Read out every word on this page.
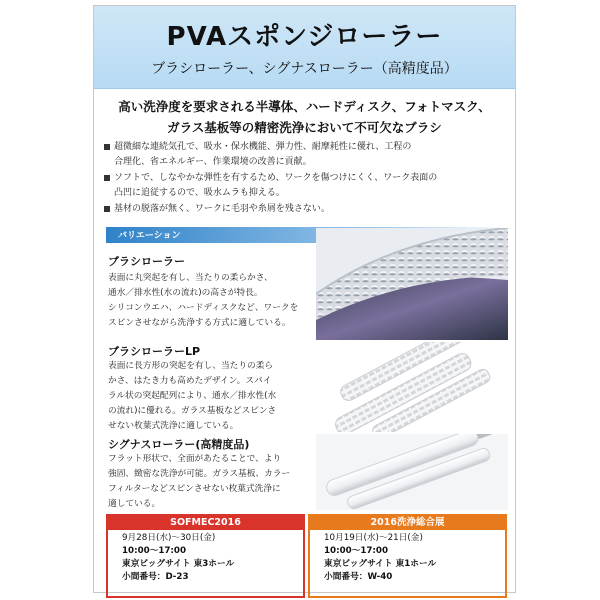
PVAスポンジローラー
ブラシローラー、シグナスローラー（高精度品）
高い洗浄度を要求される半導体、ハードディスク、フォトマスク、
ガラス基板等の精密洗浄において不可欠なブラシ
超微細な連続気孔で、吸水・保水機能、弾力性、耐摩耗性に優れ、工程の
合理化、省エネルギー、作業環境の改善に貢献。
ソフトで、しなやかな弾性を有するため、ワークを傷つけにくく、ワーク表面の
凸凹に追従するので、吸水ムラも抑える。
基材の脱落が無く、ワークに毛羽や糸屑を残さない。
バリエーション
ブラシローラー
表面に丸突起を有し、当たりの柔らかさ、
通水／排水性(水の流れ)の高さが特長。
シリコンウエハ、ハードディスクなど、ワークを
スピンさせながら洗浄する方式に適している。
ブラシローラーLP
表面に長方形の突起を有し、当たりの柔ら
かさ、はたき力も高めたデザイン。スパイ
ラル状の突起配列により、通水／排水性(水
の流れ)に優れる。ガラス基板などスピンさ
せない枚葉式洗浄に適している。
シグナスローラー(高精度品)
フラット形状で、全面があたることで、より
強固、緻密な洗浄が可能。ガラス基板、カラー
フィルターなどスピンさせない枚葉式洗浄に
適している。
SOFMEC2016
9月28日(水)～30日(金)
10:00～17:00
東京ビッグサイト 東3ホール
小間番号：D-23
2016洗浄総合展
10月19日(水)～21日(金)
10:00～17:00
東京ビッグサイト 東1ホール
小間番号：W-40
